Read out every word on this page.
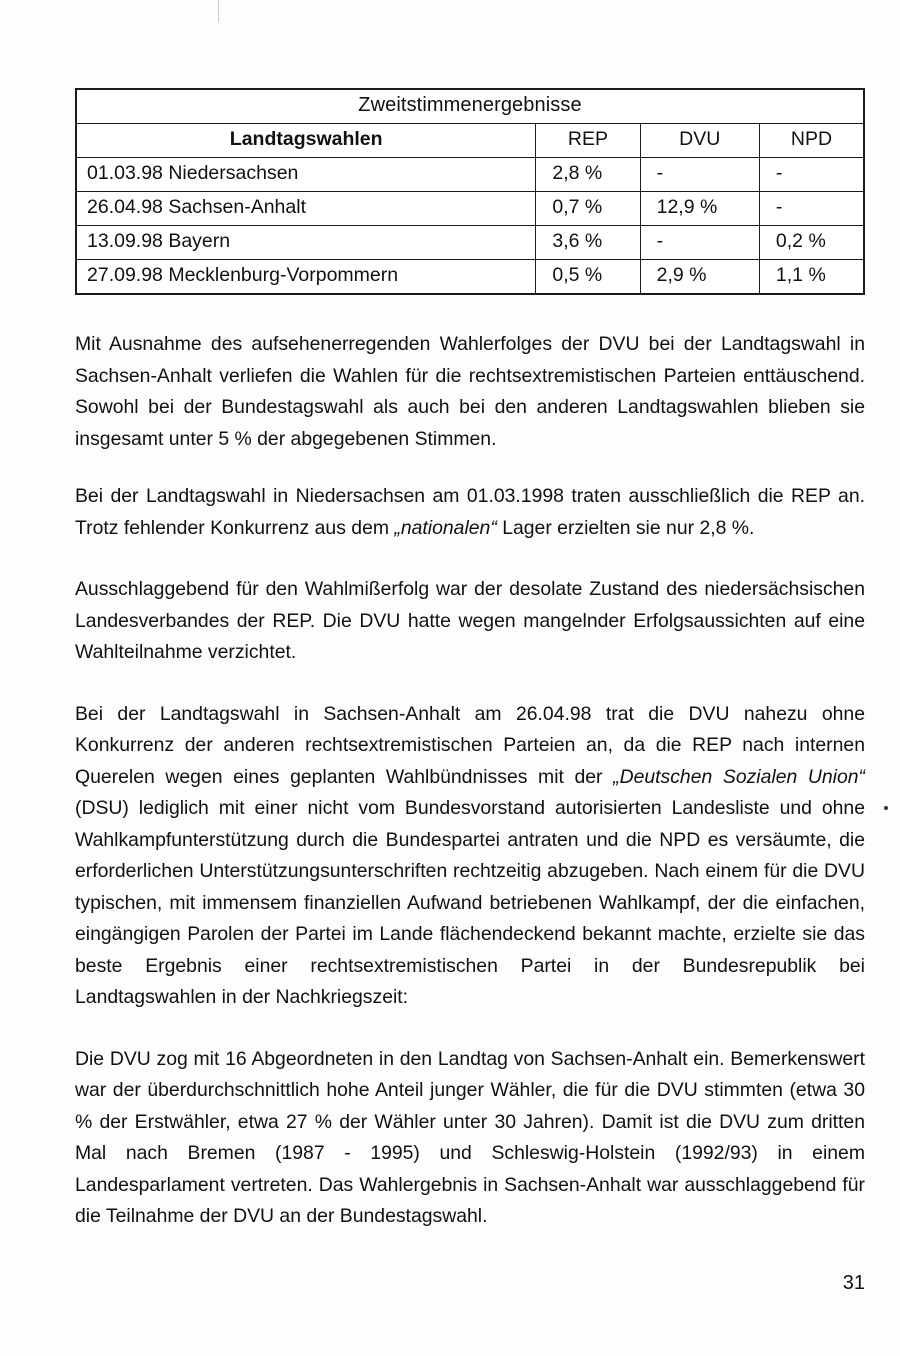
Zweitstimmenergebnisse			
Landtagswahlen	REP	DVU	NPD
01.03.98 Niedersachsen	2,8 %	-	-
26.04.98 Sachsen-Anhalt	0,7 %	12,9 %	-
13.09.98 Bayern	3,6 %	-	0,2 %
27.09.98 Mecklenburg-Vorpommern	0,5 %	2,9 %	1,1 %

Mit Ausnahme des aufsehenerregenden Wahlerfolges der DVU bei der Landtagswahl in Sachsen-Anhalt verliefen die Wahlen für die rechtsextremistischen Parteien enttäuschend. Sowohl bei der Bundestagswahl als auch bei den anderen Landtagswahlen blieben sie insgesamt unter 5 % der abgegebenen Stimmen.

Bei der Landtagswahl in Niedersachsen am 01.03.1998 traten ausschließlich die REP an. Trotz fehlender Konkurrenz aus dem „nationalen“ Lager erzielten sie nur 2,8 %.

Ausschlaggebend für den Wahlmißerfolg war der desolate Zustand des niedersächsischen Landesverbandes der REP. Die DVU hatte wegen mangelnder Erfolgsaussichten auf eine Wahlteilnahme verzichtet.

Bei der Landtagswahl in Sachsen-Anhalt am 26.04.98 trat die DVU nahezu ohne Konkurrenz der anderen rechtsextremistischen Parteien an, da die REP nach internen Querelen wegen eines geplanten Wahlbündnisses mit der „Deutschen Sozialen Union“ (DSU) lediglich mit einer nicht vom Bundesvorstand autorisierten Landesliste und ohne Wahlkampfunterstützung durch die Bundespartei antraten und die NPD es versäumte, die erforderlichen Unterstützungsunterschriften rechtzeitig abzugeben. Nach einem für die DVU typischen, mit immensem finanziellen Aufwand betriebenen Wahlkampf, der die einfachen, eingängigen Parolen der Partei im Lande flächendeckend bekannt machte, erzielte sie das beste Ergebnis einer rechtsextremistischen Partei in der Bundesrepublik bei Landtagswahlen in der Nachkriegszeit:

Die DVU zog mit 16 Abgeordneten in den Landtag von Sachsen-Anhalt ein. Bemerkenswert war der überdurchschnittlich hohe Anteil junger Wähler, die für die DVU stimmten (etwa 30 % der Erstwähler, etwa 27 % der Wähler unter 30 Jahren). Damit ist die DVU zum dritten Mal nach Bremen (1987 - 1995) und Schleswig-Holstein (1992/93) in einem Landesparlament vertreten. Das Wahlergebnis in Sachsen-Anhalt war ausschlaggebend für die Teilnahme der DVU an der Bundestagswahl.

31
